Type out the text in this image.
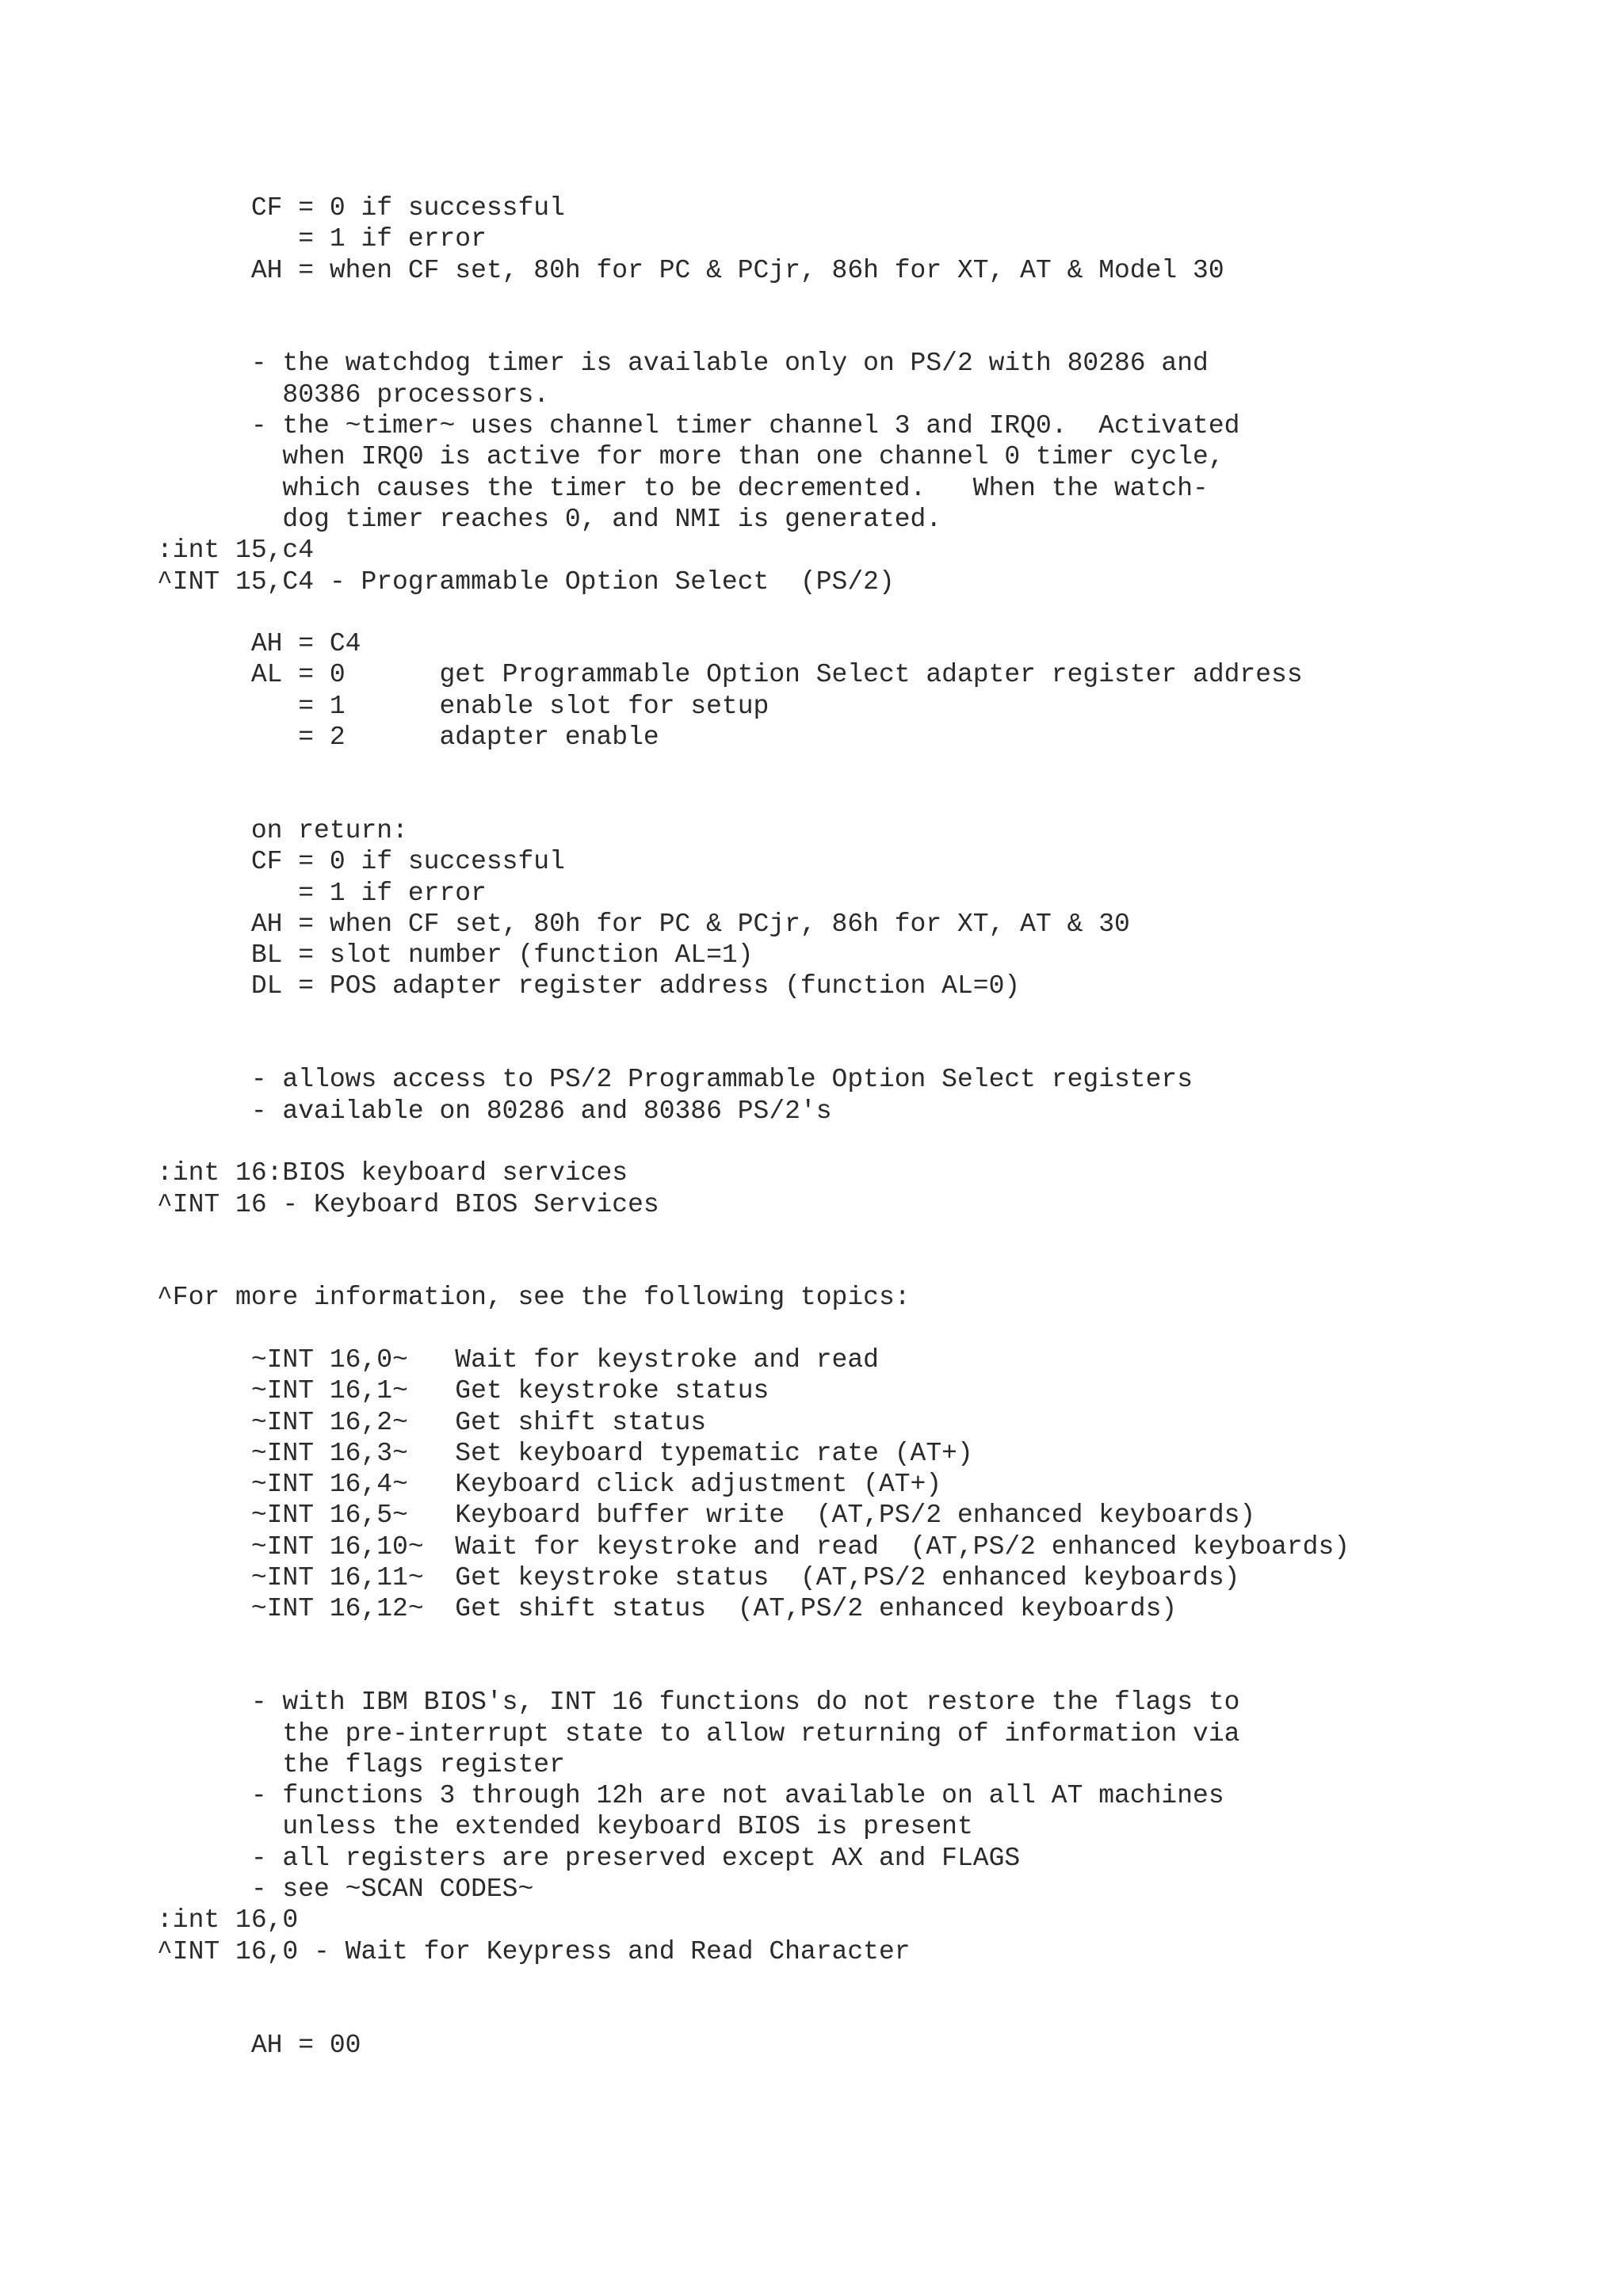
CF = 0 if successful
= 1 if error
AH = when CF set, 80h for PC & PCjr, 86h for XT, AT & Model 30
- the watchdog timer is available only on PS/2 with 80286 and
80386 processors.
- the ~timer~ uses channel timer channel 3 and IRQ0.  Activated
when IRQ0 is active for more than one channel 0 timer cycle,
which causes the timer to be decremented.   When the watch-
dog timer reaches 0, and NMI is generated.
:int 15,c4
^INT 15,C4 - Programmable Option Select  (PS/2)
AH = C4
AL = 0      get Programmable Option Select adapter register address
= 1      enable slot for setup
= 2      adapter enable
on return:
CF = 0 if successful
= 1 if error
AH = when CF set, 80h for PC & PCjr, 86h for XT, AT & 30
BL = slot number (function AL=1)
DL = POS adapter register address (function AL=0)
- allows access to PS/2 Programmable Option Select registers
- available on 80286 and 80386 PS/2's
:int 16:BIOS keyboard services
^INT 16 - Keyboard BIOS Services
^For more information, see the following topics:
~INT 16,0~   Wait for keystroke and read
~INT 16,1~   Get keystroke status
~INT 16,2~   Get shift status
~INT 16,3~   Set keyboard typematic rate (AT+)
~INT 16,4~   Keyboard click adjustment (AT+)
~INT 16,5~   Keyboard buffer write  (AT,PS/2 enhanced keyboards)
~INT 16,10~  Wait for keystroke and read  (AT,PS/2 enhanced keyboards)
~INT 16,11~  Get keystroke status  (AT,PS/2 enhanced keyboards)
~INT 16,12~  Get shift status  (AT,PS/2 enhanced keyboards)
- with IBM BIOS's, INT 16 functions do not restore the flags to
the pre-interrupt state to allow returning of information via
the flags register
- functions 3 through 12h are not available on all AT machines
unless the extended keyboard BIOS is present
- all registers are preserved except AX and FLAGS
- see ~SCAN CODES~
:int 16,0
^INT 16,0 - Wait for Keypress and Read Character
AH = 00
